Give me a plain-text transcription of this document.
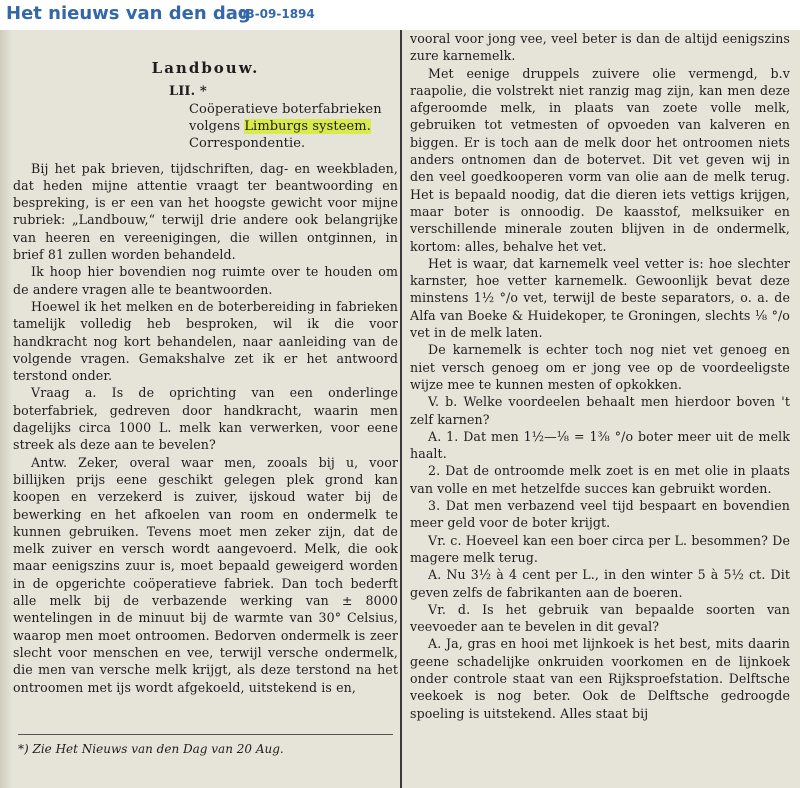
Het nieuws van den dag
03-09-1894
Landbouw.
LII. *
Coöperatieve boterfabrieken
volgens Limburgs systeem.
Correspondentie.

Bij het pak brieven, tijdschriften, dag- en weekbladen, dat heden mijne attentie vraagt ter beantwoording en bespreking, is er een van het hoogste gewicht voor mijne rubriek: „Landbouw,“ terwijl drie andere ook belangrijke van heeren en vereenigingen, die willen ontginnen, in brief 81 zullen worden behandeld.

Ik hoop hier bovendien nog ruimte over te houden om de andere vragen alle te beantwoorden.

Hoewel ik het melken en de boterbereiding in fabrieken tamelijk volledig heb besproken, wil ik die voor handkracht nog kort behandelen, naar aanleiding van de volgende vragen. Gemakshalve zet ik er het antwoord terstond onder.

Vraag a. Is de oprichting van een onderlinge boterfabriek, gedreven door handkracht, waarin men dagelijks circa 1000 L. melk kan verwerken, voor eene streek als deze aan te bevelen?

Antw. Zeker, overal waar men, zooals bij u, voor billijken prijs eene geschikt gelegen plek grond kan koopen en verzekerd is zuiver, ijskoud water bij de bewerking en het afkoelen van room en ondermelk te kunnen gebruiken. Tevens moet men zeker zijn, dat de melk zuiver en versch wordt aangevoerd. Melk, die ook maar eenigszins zuur is, moet bepaald geweigerd worden in de opgerichte coöperatieve fabriek. Dan toch bederft alle melk bij de verbazende werking van ± 8000 wentelingen in de minuut bij de warmte van 30° Celsius, waarop men moet ontroomen. Bedorven ondermelk is zeer slecht voor menschen en vee, terwijl versche ondermelk, die men van versche melk krijgt, als deze terstond na het ontroomen met ijs wordt afgekoeld, uitstekend is en,

*) Zie Het Nieuws van den Dag van 20 Aug.

vooral voor jong vee, veel beter is dan de altijd eenigszins zure karnemelk.

Met eenige druppels zuivere olie vermengd, b.v raapolie, die volstrekt niet ranzig mag zijn, kan men deze afgeroomde melk, in plaats van zoete volle melk, gebruiken tot vetmesten of opvoeden van kalveren en biggen. Er is toch aan de melk door het ontroomen niets anders ontnomen dan de botervet. Dit vet geven wij in den veel goedkooperen vorm van olie aan de melk terug. Het is bepaald noodig, dat die dieren iets vettigs krijgen, maar boter is onnoodig. De kaasstof, melksuiker en verschillende minerale zouten blijven in de ondermelk, kortom: alles, behalve het vet.

Het is waar, dat karnemelk veel vetter is: hoe slechter karnster, hoe vetter karnemelk. Gewoonlijk bevat deze minstens 1½ °/o vet, terwijl de beste separators, o. a. de Alfa van Boeke & Huidekoper, te Groningen, slechts ⅛ °/o vet in de melk laten.

De karnemelk is echter toch nog niet vet genoeg en niet versch genoeg om er jong vee op de voordeeligste wijze mee te kunnen mesten of opkokken.

V. b. Welke voordeelen behaalt men hierdoor boven 't zelf karnen?

A. 1. Dat men 1½—⅛ = 1⅜ °/o boter meer uit de melk haalt.

2. Dat de ontroomde melk zoet is en met olie in plaats van volle en met hetzelfde succes kan gebruikt worden.

3. Dat men verbazend veel tijd bespaart en bovendien meer geld voor de boter krijgt.

Vr. c. Hoeveel kan een boer circa per L. besommen? De magere melk terug.

A. Nu 3½ à 4 cent per L., in den winter 5 à 5½ ct. Dit geven zelfs de fabrikanten aan de boeren.

Vr. d. Is het gebruik van bepaalde soorten van veevoeder aan te bevelen in dit geval?

A. Ja, gras en hooi met lijnkoek is het best, mits daarin geene schadelijke onkruiden voorkomen en de lijnkoek onder controle staat van een Rijksproefstation. Delftsche veekoek is nog beter. Ook de Delftsche gedroogde spoeling is uitstekend. Alles staat bij
